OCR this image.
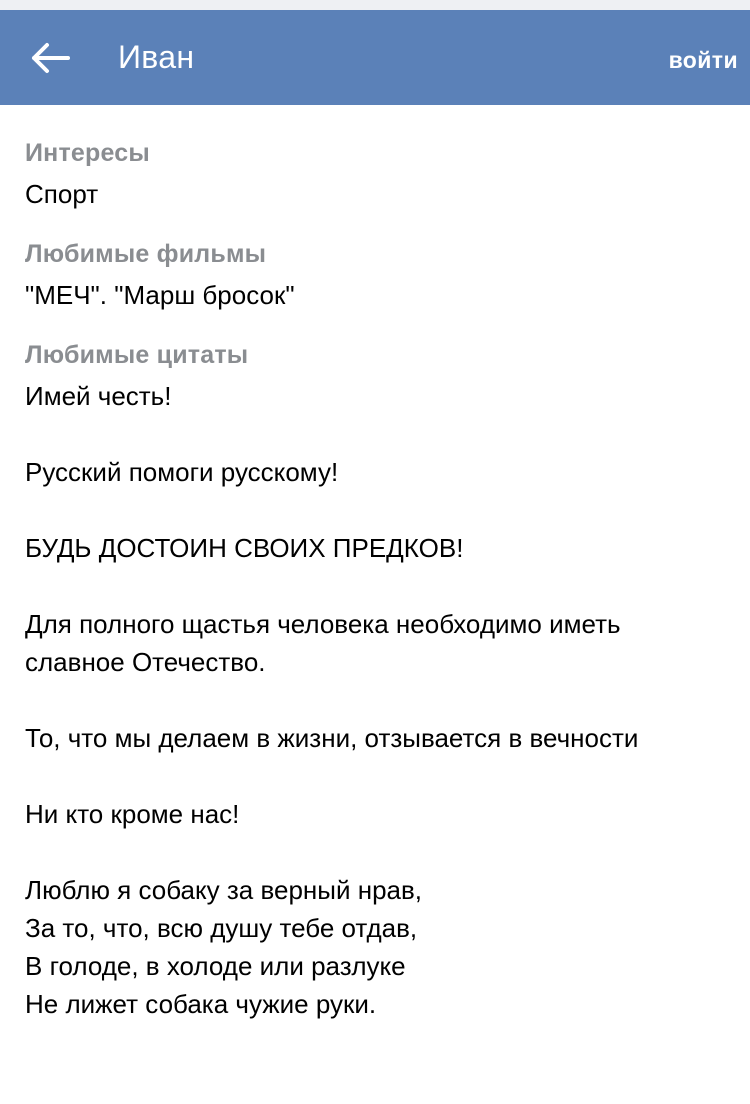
Иван	войти
Интересы
Спорт
Любимые фильмы
"МЕЧ". "Марш бросок"
Любимые цитаты
Имей честь!

Русский помоги русскому!

БУДЬ ДОСТОИН СВОИХ ПРЕДКОВ!

Для полного щастья человека необходимо иметь
славное Отечество.

То, что мы делаем в жизни, отзывается в вечности

Ни кто кроме нас!

Люблю я собаку за верный нрав,
За то, что, всю душу тебе отдав,
В голоде, в холоде или разлуке
Не лижет собака чужие руки.
